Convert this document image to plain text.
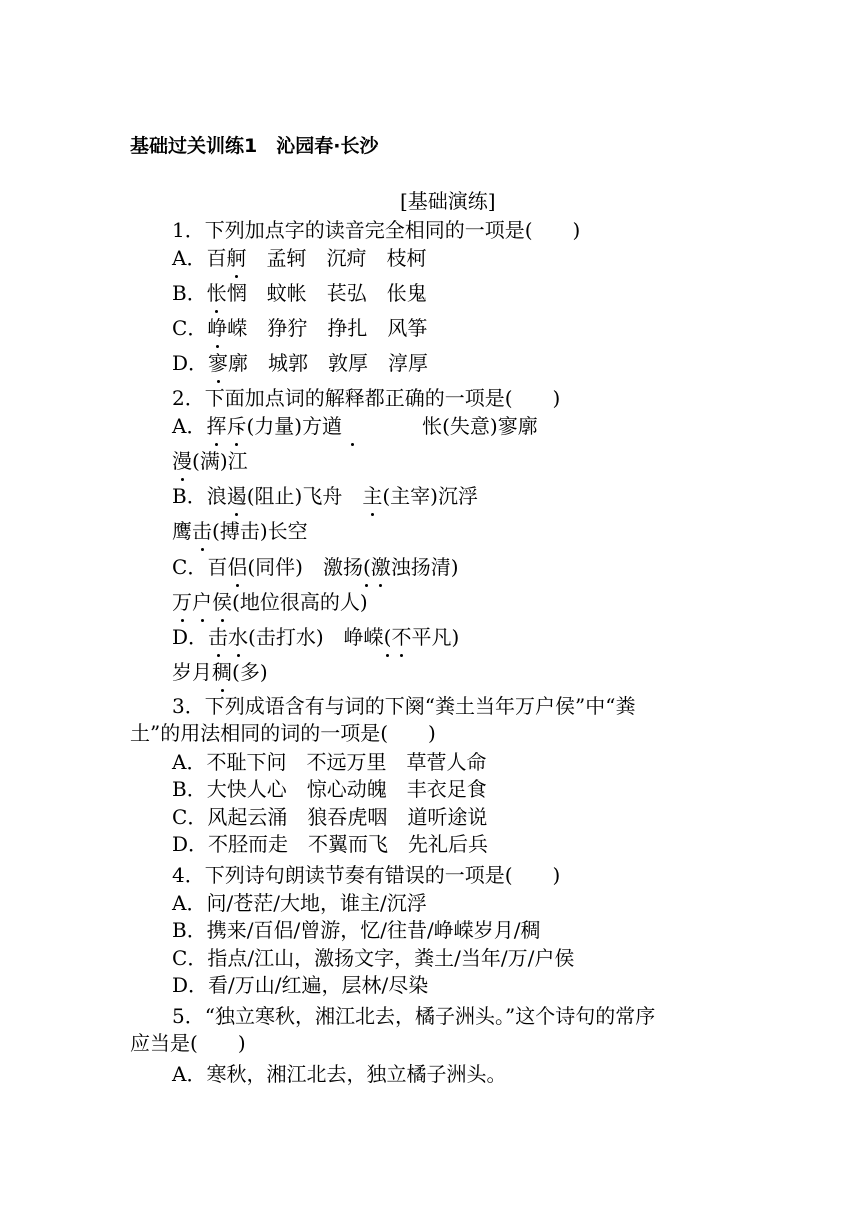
基础过关训练1　沁园春·长沙
[基础演练]
1．下列加点字的读音完全相同的一项是(　　 )
A．百舸　 孟轲　 沉疴　 枝柯
B．怅惘　 蚊帐　 苌弘　 伥鬼
C．峥嵘　 狰狞　 挣扎　 风筝
D．寥廓　 城郭　 敦厚　 淳厚
2．下面加点词的解释都正确的一项是(　　 )
A．挥斥(力量)方遒　　　　	怅(失意)寥廓
漫(满)江
B．浪遏(阻止)飞舟　 主(主宰)沉浮
鹰击(搏击)长空
C．百侣(同伴)　 激扬(激浊扬清)
万户侯(地位很高的人)
D．击水(击打水)　 峥嵘(不平凡)
岁月稠(多)
3．下列成语含有与词的下阕“粪土当年万户侯”中“粪
土”的用法相同的词的一项是(　　 )
A．不耻下问　 不远万里　 草菅人命
B．大快人心　 惊心动魄　 丰衣足食
C．风起云涌　 狼吞虎咽　 道听途说
D．不胫而走　 不翼而飞　 先礼后兵
4．下列诗句朗读节奏有错误的一项是(　　 )
A．问/苍茫/大地，谁主/沉浮
B．携来/百侣/曾游，忆/往昔/峥嵘岁月/稠
C．指点/江山，激扬文字，粪土/当年/万/户侯
D．看/万山/红遍，层林/尽染
5．“独立寒秋，湘江北去，橘子洲头。”这个诗句的常序
应当是(　　 )
A．寒秋，湘江北去，独立橘子洲头。
